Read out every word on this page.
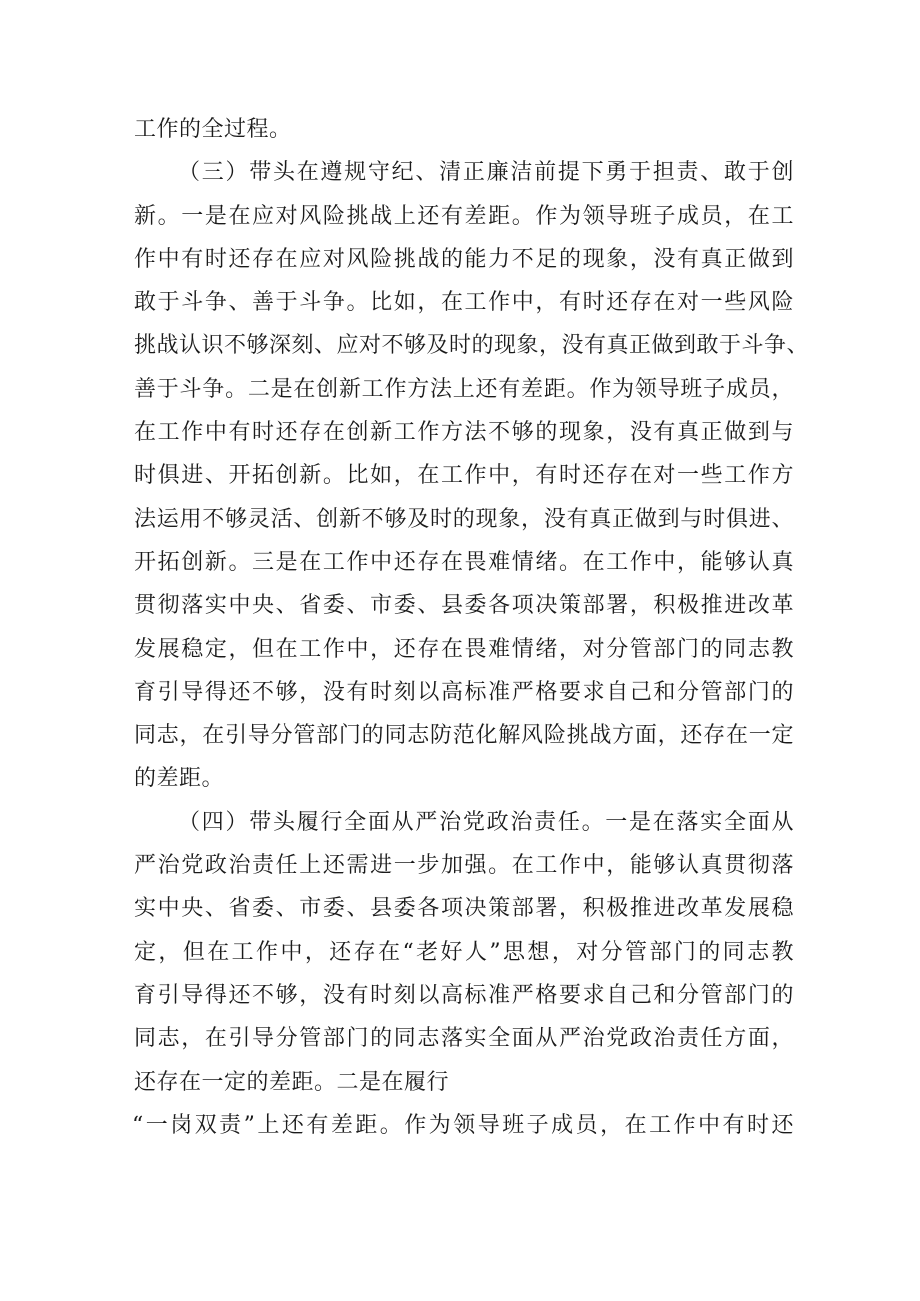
工作的全过程。
（三）带头在遵规守纪、清正廉洁前提下勇于担责、敢于创
新。一是在应对风险挑战上还有差距。作为领导班子成员，在工
作中有时还存在应对风险挑战的能力不足的现象，没有真正做到
敢于斗争、善于斗争。比如，在工作中，有时还存在对一些风险
挑战认识不够深刻、应对不够及时的现象，没有真正做到敢于斗争、
善于斗争。二是在创新工作方法上还有差距。作为领导班子成员，
在工作中有时还存在创新工作方法不够的现象，没有真正做到与
时俱进、开拓创新。比如，在工作中，有时还存在对一些工作方
法运用不够灵活、创新不够及时的现象，没有真正做到与时俱进、
开拓创新。三是在工作中还存在畏难情绪。在工作中，能够认真
贯彻落实中央、省委、市委、县委各项决策部署，积极推进改革
发展稳定，但在工作中，还存在畏难情绪，对分管部门的同志教
育引导得还不够，没有时刻以高标准严格要求自己和分管部门的
同志，在引导分管部门的同志防范化解风险挑战方面，还存在一定
的差距。
（四）带头履行全面从严治党政治责任。一是在落实全面从
严治党政治责任上还需进一步加强。在工作中，能够认真贯彻落
实中央、省委、市委、县委各项决策部署，积极推进改革发展稳
定，但在工作中，还存在“老好人”思想，对分管部门的同志教
育引导得还不够，没有时刻以高标准严格要求自己和分管部门的
同志，在引导分管部门的同志落实全面从严治党政治责任方面，
还存在一定的差距。二是在履行
“一岗双责”上还有差距。作为领导班子成员，在工作中有时还
